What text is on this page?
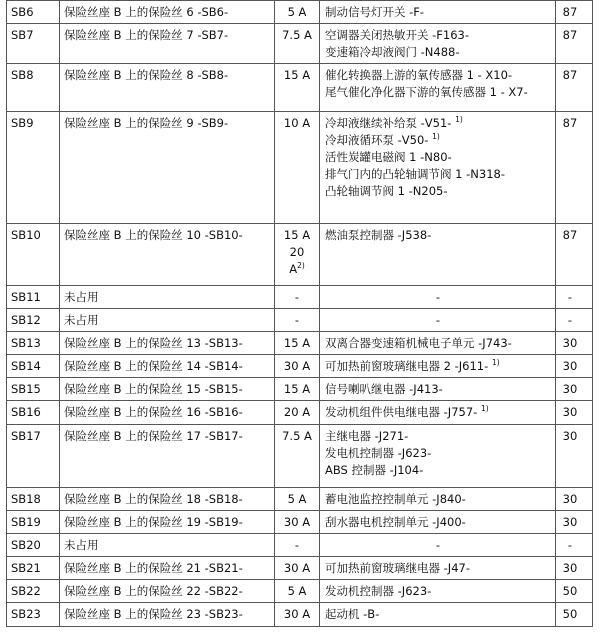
SB6	保险丝座 B 上的保险丝 6 -SB6-	5 A	制动信号灯开关 -F-	87
SB7	保险丝座 B 上的保险丝 7 -SB7-	7.5 A	空调器关闭热敏开关 -F163-
变速箱冷却液阀门 -N488-	87
SB8	保险丝座 B 上的保险丝 8 -SB8-	15 A	催化转换器上游的氧传感器 1 - X10-
尾气催化净化器下游的氧传感器 1 - X7-	87
SB9	保险丝座 B 上的保险丝 9 -SB9-	10 A	冷却液继续补给泵 -V51- $^{1)}$
冷却液循环泵 -V50- $^{1)}$
活性炭罐电磁阀 1 -N80-
排气门内的凸轮轴调节阀 1 -N318-
凸轮轴调节阀 1 -N205-	87
SB10	保险丝座 B 上的保险丝 10 -SB10-	15 A
20
$A^{2)}$	燃油泵控制器 -J538-	87
SB11	未占用	-	-	-
SB12	未占用	-	-	-
SB13	保险丝座 B 上的保险丝 13 -SB13-	15 A	双离合器变速箱机械电子单元 -J743-	30
SB14	保险丝座 B 上的保险丝 14 -SB14-	30 A	可加热前窗玻璃继电器 2 -J611- $^{1)}$	30
SB15	保险丝座 B 上的保险丝 15 -SB15-	15 A	信号喇叭继电器 -J413-	30
SB16	保险丝座 B 上的保险丝 16 -SB16-	20 A	发动机组件供电继电器 -J757- $^{1)}$	30
SB17	保险丝座 B 上的保险丝 17 -SB17-	7.5 A	主继电器 -J271-
发电机控制器 -J623-
ABS 控制器 -J104-	30
SB18	保险丝座 B 上的保险丝 18 -SB18-	5 A	蓄电池监控控制单元 -J840-	30
SB19	保险丝座 B 上的保险丝 19 -SB19-	30 A	刮水器电机控制单元 -J400-	30
SB20	未占用	-	-	-
SB21	保险丝座 B 上的保险丝 21 -SB21-	30 A	可加热前窗玻璃继电器 -J47-	30
SB22	保险丝座 B 上的保险丝 22 -SB22-	5 A	发动机控制器 -J623-	50
SB23	保险丝座 B 上的保险丝 23 -SB23-	30 A	起动机 -B-	50
